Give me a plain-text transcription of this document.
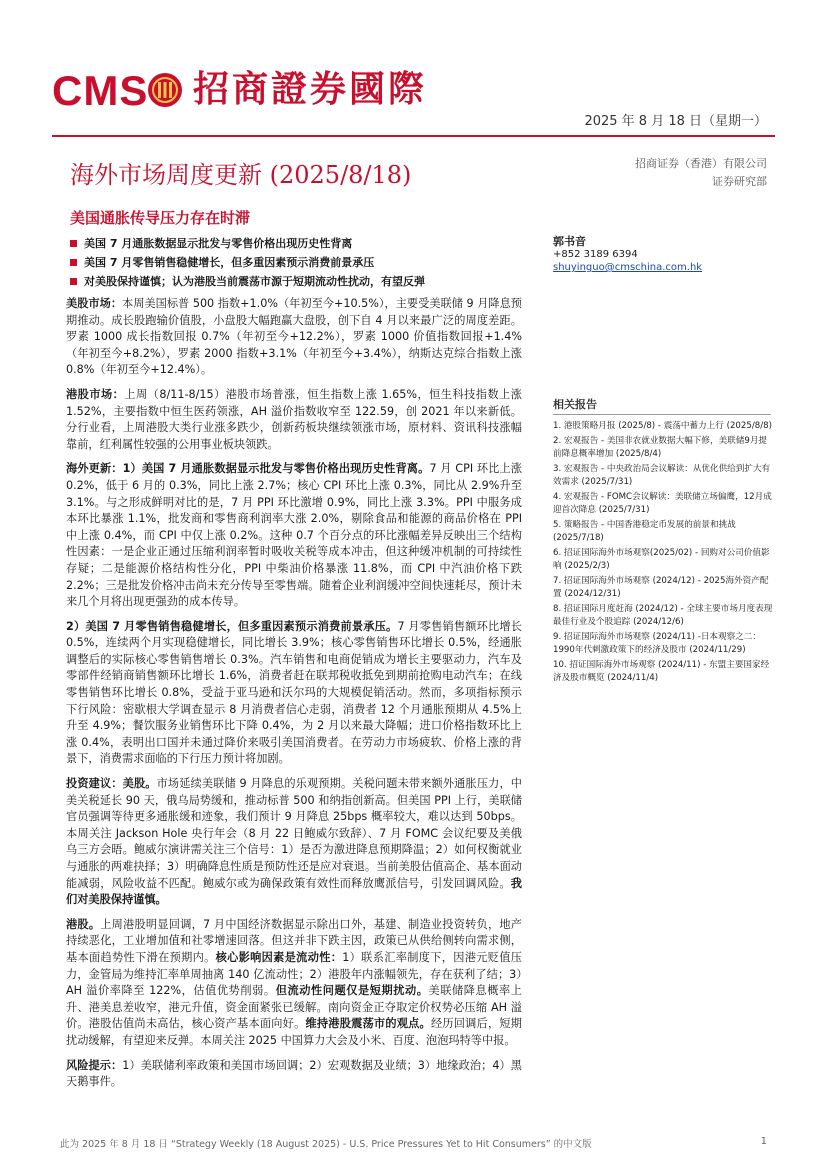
CMS 招商證券國際
2025 年 8 月 18 日（星期一）
海外市场周度更新 (2025/8/18)	招商证券（香港）有限公司
证券研究部
美国通胀传导压力存在时滞
美国 7 月通胀数据显示批发与零售价格出现历史性背离
美国 7 月零售销售稳健增长，但多重因素预示消费前景承压
对美股保持谨慎；认为港股当前震荡市源于短期流动性扰动，有望反弹

美股市场：本周美国标普 500 指数+1.0%（年初至今+10.5%），主要受美联储 9 月降息预期推动。成长股跑输价值股，小盘股大幅跑赢大盘股，创下自 4 月以来最广泛的周度差距。罗素 1000 成长指数回报 0.7%（年初至今+12.2%），罗素 1000 价值指数回报+1.4%（年初至今+8.2%），罗素 2000 指数+3.1%（年初至今+3.4%），纳斯达克综合指数上涨 0.8%（年初至今+12.4%）。

港股市场：上周（8/11-8/15）港股市场普涨，恒生指数上涨 1.65%，恒生科技指数上涨 1.52%，主要指数中恒生医药领涨，AH 溢价指数收窄至 122.59，创 2021 年以来新低。分行业看，上周港股大类行业涨多跌少，创新药板块继续领涨市场，原材料、资讯科技涨幅靠前，红利属性较强的公用事业板块领跌。

海外更新：1）美国 7 月通胀数据显示批发与零售价格出现历史性背离。7 月 CPI 环比上涨 0.2%，低于 6 月的 0.3%，同比上涨 2.7%；核心 CPI 环比上涨 0.3%，同比从 2.9%升至 3.1%。与之形成鲜明对比的是，7 月 PPI 环比激增 0.9%，同比上涨 3.3%。PPI 中服务成本环比暴涨 1.1%，批发商和零售商利润率大涨 2.0%，剔除食品和能源的商品价格在 PPI 中上涨 0.4%，而 CPI 中仅上涨 0.2%。这种 0.7 个百分点的环比涨幅差异反映出三个结构性因素：一是企业正通过压缩利润率暂时吸收关税等成本冲击，但这种缓冲机制的可持续性存疑；二是能源价格结构性分化，PPI 中柴油价格暴涨 11.8%，而 CPI 中汽油价格下跌 2.2%；三是批发价格冲击尚未充分传导至零售端。随着企业利润缓冲空间快速耗尽，预计未来几个月将出现更强劲的成本传导。

2）美国 7 月零售销售稳健增长，但多重因素预示消费前景承压。7 月零售销售额环比增长 0.5%，连续两个月实现稳健增长，同比增长 3.9%；核心零售销售环比增长 0.5%，经通胀调整后的实际核心零售销售增长 0.3%。汽车销售和电商促销成为增长主要驱动力，汽车及零部件经销商销售额环比增长 1.6%，消费者赶在联邦税收抵免到期前抢购电动汽车；在线零售销售环比增长 0.8%，受益于亚马逊和沃尔玛的大规模促销活动。然而，多项指标预示下行风险：密歇根大学调查显示 8 月消费者信心走弱，消费者 12 个月通胀预期从 4.5%上升至 4.9%；餐饮服务业销售环比下降 0.4%，为 2 月以来最大降幅；进口价格指数环比上涨 0.4%，表明出口国并未通过降价来吸引美国消费者。在劳动力市场疲软、价格上涨的背景下，消费需求面临的下行压力预计将加剧。

投资建议：美股。市场延续美联储 9 月降息的乐观预期。关税问题未带来额外通胀压力，中美关税延长 90 天，俄乌局势缓和，推动标普 500 和纳指创新高。但美国 PPI 上行，美联储官员强调等待更多通胀缓和迹象，我们预计 9 月降息 25bps 概率较大，难以达到 50bps。本周关注 Jackson Hole 央行年会（8 月 22 日鲍威尔致辞）、7 月 FOMC 会议纪要及美俄乌三方会晤。鲍威尔演讲需关注三个信号：1）是否为激进降息预期降温；2）如何权衡就业与通胀的两难抉择；3）明确降息性质是预防性还是应对衰退。当前美股估值高企、基本面动能减弱，风险收益不匹配。鲍威尔或为确保政策有效性而释放鹰派信号，引发回调风险。我们对美股保持谨慎。

港股。上周港股明显回调，7 月中国经济数据显示除出口外，基建、制造业投资转负，地产持续恶化，工业增加值和社零增速回落。但这并非下跌主因，政策已从供给侧转向需求侧，基本面趋势性下滑在预期内。核心影响因素是流动性：1）联系汇率制度下，因港元贬值压力，金管局为维持汇率单周抽离 140 亿流动性；2）港股年内涨幅领先，存在获利了结；3）AH 溢价率降至 122%，估值优势削弱。但流动性问题仅是短期扰动。美联储降息概率上升、港美息差收窄，港元升值，资金面紧张已缓解。南向资金正夺取定价权势必压缩 AH 溢价。港股估值尚未高估，核心资产基本面向好。维持港股震荡市的观点。经历回调后，短期扰动缓解，有望迎来反弹。本周关注 2025 中国算力大会及小米、百度、泡泡玛特等中报。

风险提示：1）美联储利率政策和美国市场回调；2）宏观数据及业绩；3）地缘政治；4）黑天鹅事件。

郭书音
+852 3189 6394
shuyinguo@cmschina.com.hk
相关报告
1. 港股策略月报 (2025/8) - 震荡中蓄力上行 (2025/8/8)
2. 宏观报告 - 美国非农就业数据大幅下修，美联储9月提前降息概率增加 (2025/8/4)
3. 宏观报告 - 中央政治局会议解读：从优化供给到扩大有效需求 (2025/7/31)
4. 宏观报告 - FOMC会议解读：美联储立场偏鹰，12月成迎首次降息 (2025/7/31)
5. 策略报告 - 中国香港稳定币发展的前景和挑战 (2025/7/18)
6. 招证国际海外市场观察(2025/02) - 回购对公司价值影响 (2025/2/3)
7. 招证国际海外市场观察 (2024/12) - 2025海外资产配置 (2024/12/31)
8. 招证国际月度赶海 (2024/12) - 全球主要市场月度表现最佳行业及个股追踪 (2024/12/6)
9. 招证国际海外市场观察 (2024/11) -日本观察之二：1990年代刺激政策下的经济及股市 (2024/11/29)
10. 招证国际海外市场观察 (2024/11) - 东盟主要国家经济及股市概览 (2024/11/4)
此为 2025 年 8 月 18 日 “Strategy Weekly (18 August 2025) - U.S. Price Pressures Yet to Hit Consumers” 的中文版	1
